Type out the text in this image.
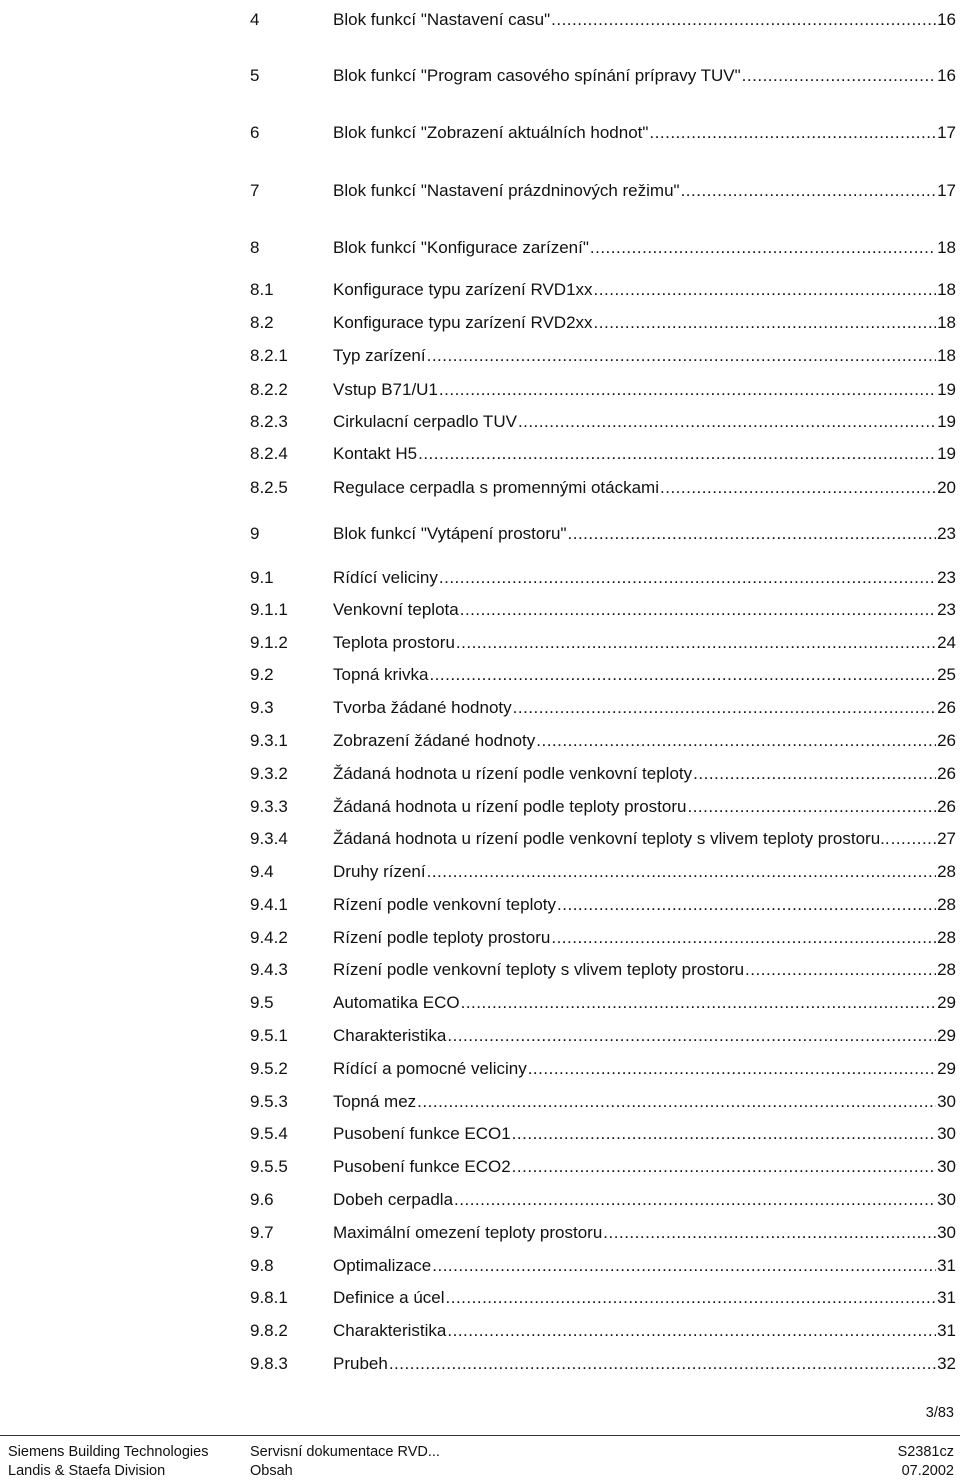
4	Blok funkcí "Nastavení casu" .....	16
5	Blok funkcí "Program casového spínání prípravy TUV" .....	16
6	Blok funkcí "Zobrazení aktuálních hodnot" .....	17
7	Blok funkcí "Nastavení prázdninových režimu" .....	17
8	Blok funkcí "Konfigurace zarízení" .....	18
8.1	Konfigurace typu zarízení RVD1xx .....	18
8.2	Konfigurace typu zarízení RVD2xx .....	18
8.2.1	Typ zarízení .....	18
8.2.2	Vstup B71/U1 .....	19
8.2.3	Cirkulacní cerpadlo TUV .....	19
8.2.4	Kontakt H5 .....	19
8.2.5	Regulace cerpadla s promennými otáckami .....	20
9	Blok funkcí "Vytápení prostoru" .....	23
9.1	Rídící veliciny .....	23
9.1.1	Venkovní teplota .....	23
9.1.2	Teplota prostoru .....	24
9.2	Topná krivka .....	25
9.3	Tvorba žádané hodnoty .....	26
9.3.1	Zobrazení žádané hodnoty .....	26
9.3.2	Žádaná hodnota u rízení podle venkovní teploty .....	26
9.3.3	Žádaná hodnota u rízení podle teploty prostoru .....	26
9.3.4	Žádaná hodnota u rízení podle venkovní teploty s vlivem teploty prostoru.. .....	27
9.4	Druhy rízení .....	28
9.4.1	Rízení podle venkovní teploty .....	28
9.4.2	Rízení podle teploty prostoru .....	28
9.4.3	Rízení podle venkovní teploty s vlivem teploty prostoru .....	28
9.5	Automatika ECO .....	29
9.5.1	Charakteristika .....	29
9.5.2	Rídící a pomocné veliciny .....	29
9.5.3	Topná mez .....	30
9.5.4	Pusobení funkce ECO1 .....	30
9.5.5	Pusobení funkce ECO2 .....	30
9.6	Dobeh cerpadla .....	30
9.7	Maximální omezení teploty prostoru .....	30
9.8	Optimalizace .....	31
9.8.1	Definice a úcel .....	31
9.8.2	Charakteristika .....	31
9.8.3	Prubeh .....	32
3/83
Siemens Building Technologies
Landis & Staefa Division
Servisní dokumentace RVD...
Obsah
S2381cz
07.2002
